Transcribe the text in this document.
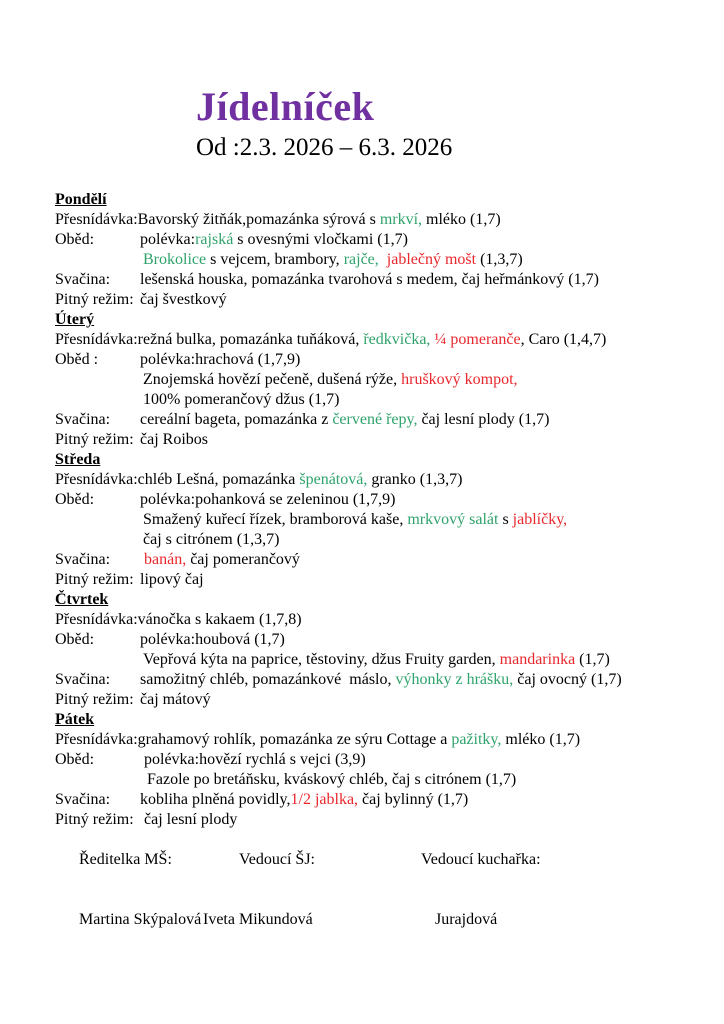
Jídelníček
Od :2.3. 2026 – 6.3. 2026
Pondělí
Přesnídávka:Bavorský žitňák,pomazánka sýrová s mrkví, mléko (1,7)
Oběd:	polévka:rajská s ovesnými vločkami (1,7)
Brokolice s vejcem, brambory, rajče, jablečný mošt (1,3,7)
Svačina: lešenská houska, pomazánka tvarohová s medem, čaj heřmánkový (1,7)
Pitný režim: čaj švestkový
Úterý
Přesnídávka:režná bulka, pomazánka tuňáková, ředkvička, ¼ pomeranče, Caro (1,4,7)
Oběd :	polévka:hrachová (1,7,9)
Znojemská hovězí pečeně, dušená rýže, hruškový kompot,
100% pomerančový džus (1,7)
Svačina: cereální bageta, pomazánka z červené řepy, čaj lesní plody (1,7)
Pitný režim: čaj Roibos
Středa
Přesnídávka:chléb Lešná, pomazánka špenátová, granko (1,3,7)
Oběd:	polévka:pohanková se zeleninou (1,7,9)
Smažený kuřecí řízek, bramborová kaše, mrkvový salát s jablíčky,
čaj s citrónem (1,3,7)
Svačina: banán, čaj pomerančový
Pitný režim: lipový čaj
Čtvrtek
Přesnídávka:vánočka s kakaem (1,7,8)
Oběd:	polévka:houbová (1,7)
Vepřová kýta na paprice, těstoviny, džus Fruity garden, mandarinka (1,7)
Svačina: samožitný chléb, pomazánkové  máslo, výhonky z hrášku, čaj ovocný (1,7)
Pitný režim: čaj mátový
Pátek
Přesnídávka:grahamový rohlík, pomazánka ze sýru Cottage a pažitky, mléko (1,7)
Oběd:	polévka:hovězí rychlá s vejci (3,9)
Fazole po bretáňsku, kváskový chléb, čaj s citrónem (1,7)
Svačina: kobliha plněná povidly,1/2 jablka, čaj bylinný (1,7)
Pitný režim: čaj lesní plody

Ředitelka MŠ:	Vedoucí ŠJ:	Vedoucí kuchařka:

Martina Skýpalová Iveta Mikundová	Jurajdová
